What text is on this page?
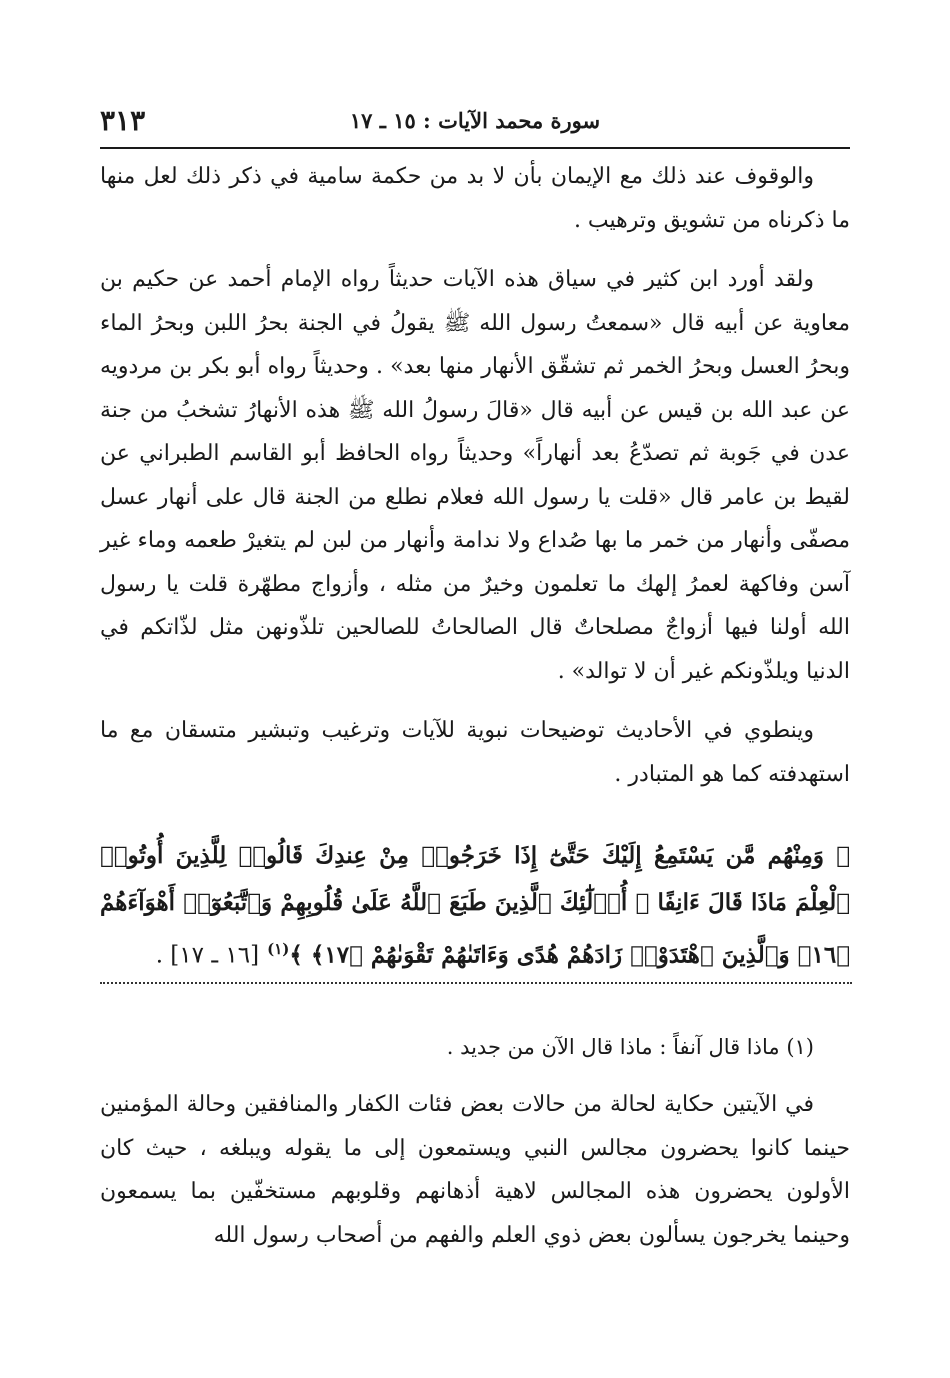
سورة محمد الآيات : ١٥ ـ ١٧
٣١٣

والوقوف عند ذلك مع الإيمان بأن لا بد من حكمة سامية في ذكر ذلك لعل منها ما ذكرناه من تشويق وترهيب .

ولقد أورد ابن كثير في سياق هذه الآيات حديثاً رواه الإمام أحمد عن حكيم بن معاوية عن أبيه قال «سمعتُ رسول الله ﷺ يقولُ في الجنة بحرُ اللبن وبحرُ الماء وبحرُ العسل وبحرُ الخمر ثم تشقّق الأنهار منها بعد» . وحديثاً رواه أبو بكر بن مردويه عن عبد الله بن قيس عن أبيه قال «قالَ رسولُ الله ﷺ هذه الأنهارُ تشخبُ من جنة عدن في جَوبة ثم تصدّعُ بعد أنهاراً» وحديثاً رواه الحافظ أبو القاسم الطبراني عن لقيط بن عامر قال «قلت يا رسول الله فعلام نطلع من الجنة قال على أنهار عسل مصفّى وأنهار من خمر ما بها صُداع ولا ندامة وأنهار من لبن لم يتغيرْ طعمه وماء غير آسن وفاكهة لعمرُ إلهك ما تعلمون وخيرٌ من مثله ، وأزواج مطهّرة قلت يا رسول الله أولنا فيها أزواجٌ مصلحاتٌ قال الصالحاتُ للصالحين تلذّونهن مثل لذّاتكم في الدنيا ويلذّونكم غير أن لا توالد» .

وينطوي في الأحاديث توضيحات نبوية للآيات وترغيب وتبشير متسقان مع ما استهدفته كما هو المتبادر .

﴿ وَمِنْهُم مَّن يَسْتَمِعُ إِلَيْكَ حَتَّىٰٓ إِذَا خَرَجُوا۟ مِنْ عِندِكَ قَالُوا۟ لِلَّذِينَ أُوتُوا۟ ٱلْعِلْمَ مَاذَا قَالَ ءَانِفًا ۚ أُو۟لَٰٓئِكَ ٱلَّذِينَ طَبَعَ ٱللَّهُ عَلَىٰ قُلُوبِهِمْ وَٱتَّبَعُوٓا۟ أَهْوَآءَهُمْ ﴿١٦﴾ وَٱلَّذِينَ ٱهْتَدَوْا۟ زَادَهُمْ هُدًى وَءَاتَىٰهُمْ تَقْوَىٰهُمْ ﴿١٧﴾ ﴾$^{(١)}$ [١٦ ـ ١٧] .
(١) ماذا قال آنفاً : ماذا قال الآن من جديد .

في الآيتين حكاية لحالة من حالات بعض فئات الكفار والمنافقين وحالة المؤمنين حينما كانوا يحضرون مجالس النبي ويستمعون إلى ما يقوله ويبلغه ، حيث كان الأولون يحضرون هذه المجالس لاهية أذهانهم وقلوبهم مستخفّين بما يسمعون وحينما يخرجون يسألون بعض ذوي العلم والفهم من أصحاب رسول الله
